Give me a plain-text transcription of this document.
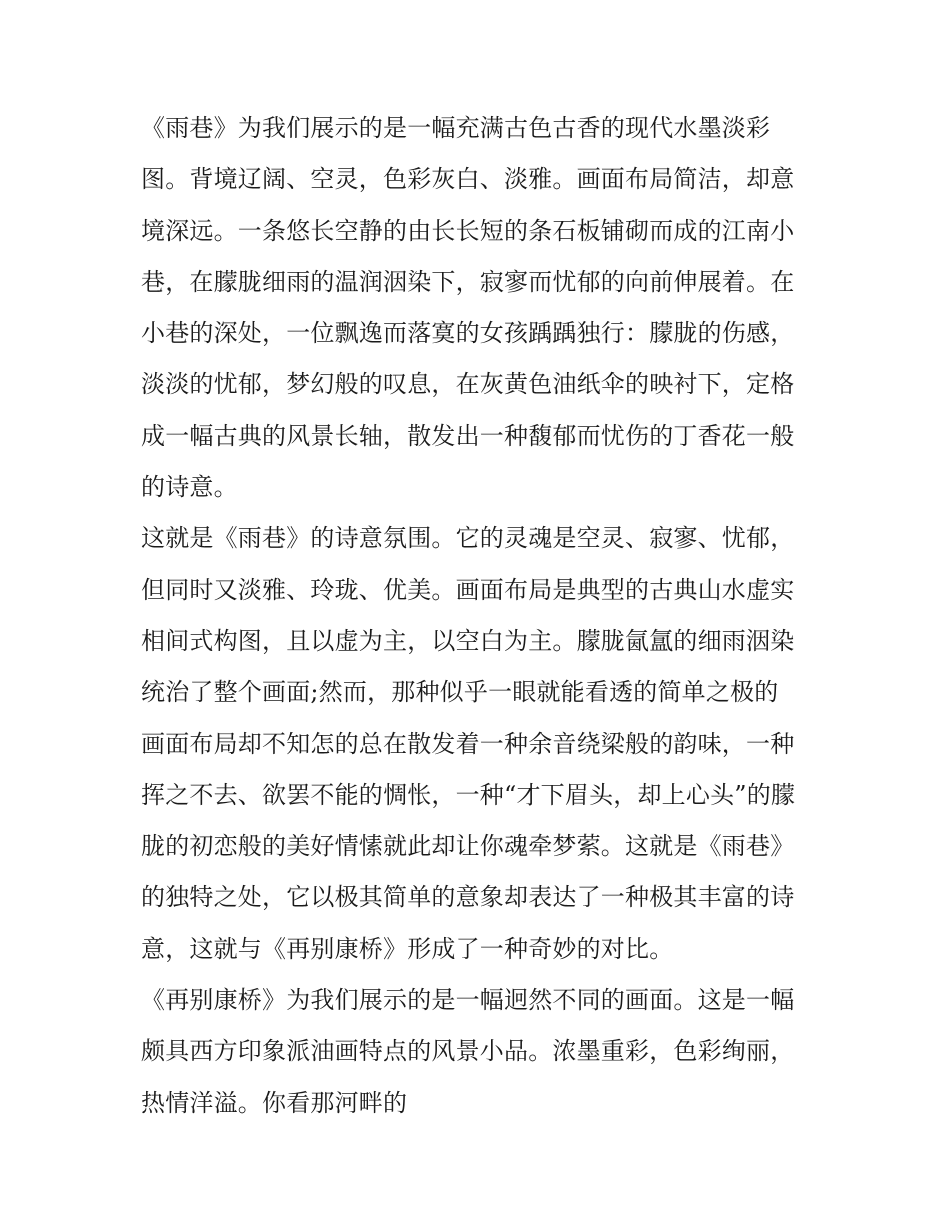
《雨巷》为我们展示的是一幅充满古色古香的现代水墨淡彩
图。背境辽阔、空灵，色彩灰白、淡雅。画面布局简洁，却意
境深远。一条悠长空静的由长长短的条石板铺砌而成的江南小
巷，在朦胧细雨的温润洇染下，寂寥而忧郁的向前伸展着。在
小巷的深处，一位飘逸而落寞的女孩踽踽独行：朦胧的伤感，
淡淡的忧郁，梦幻般的叹息，在灰黄色油纸伞的映衬下，定格
成一幅古典的风景长轴，散发出一种馥郁而忧伤的丁香花一般
的诗意。
这就是《雨巷》的诗意氛围。它的灵魂是空灵、寂寥、忧郁，
但同时又淡雅、玲珑、优美。画面布局是典型的古典山水虚实
相间式构图，且以虚为主，以空白为主。朦胧氤氲的细雨洇染
统治了整个画面;然而，那种似乎一眼就能看透的简单之极的
画面布局却不知怎的总在散发着一种余音绕梁般的韵味，一种
挥之不去、欲罢不能的惆怅，一种“才下眉头，却上心头”的朦
胧的初恋般的美好情愫就此却让你魂牵梦萦。这就是《雨巷》
的独特之处，它以极其简单的意象却表达了一种极其丰富的诗
意，这就与《再别康桥》形成了一种奇妙的对比。
《再别康桥》为我们展示的是一幅迥然不同的画面。这是一幅
颇具西方印象派油画特点的风景小品。浓墨重彩，色彩绚丽，
热情洋溢。你看那河畔的
